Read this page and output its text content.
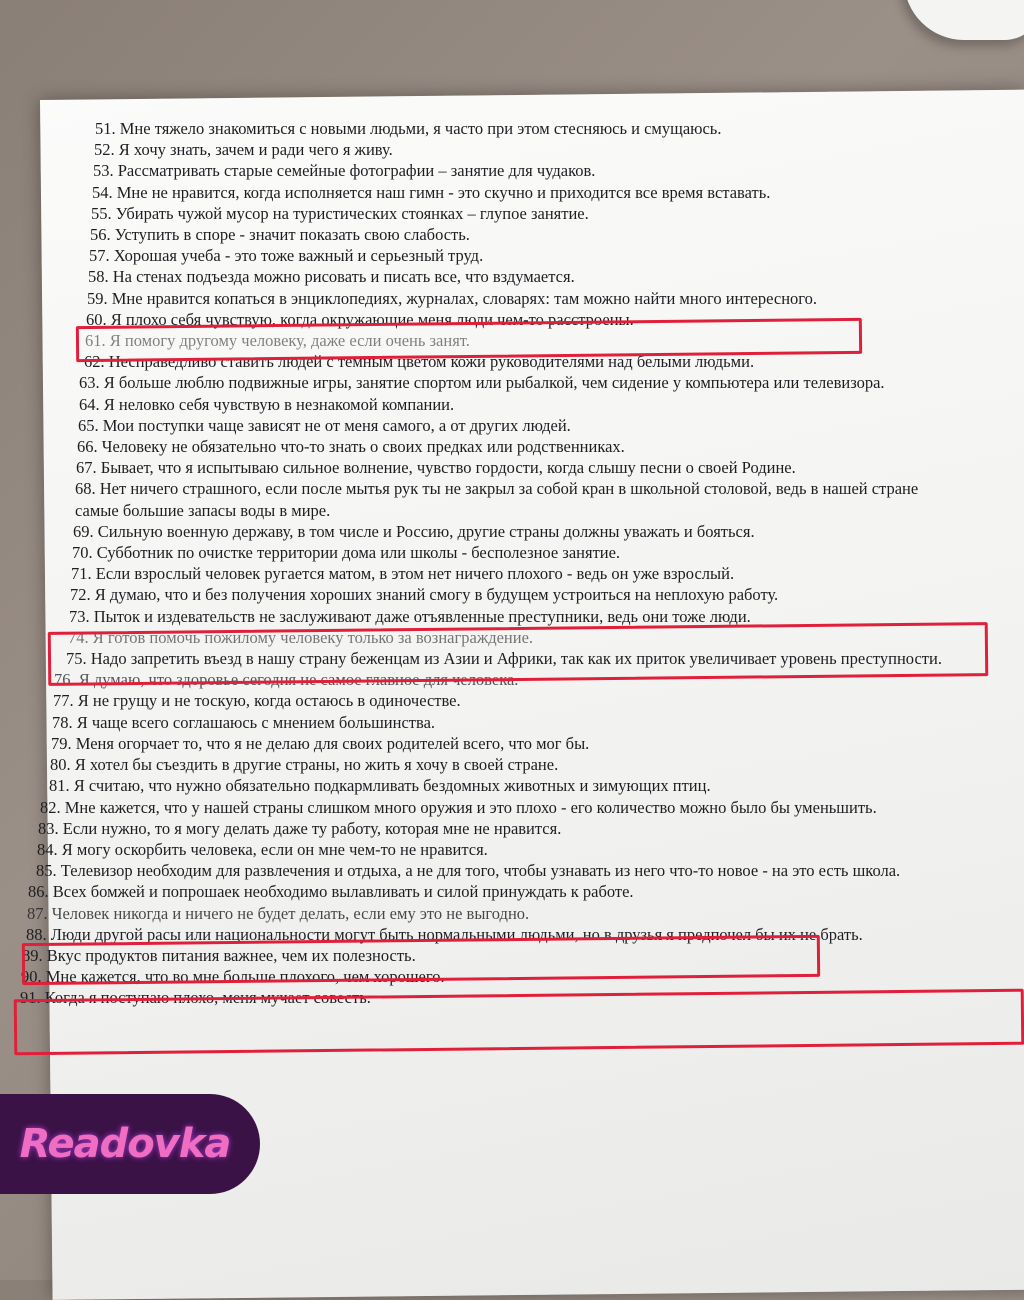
51. Мне тяжело знакомиться с новыми людьми, я часто при этом стесняюсь и смущаюсь.
52. Я хочу знать, зачем и ради чего я живу.
53. Рассматривать старые семейные фотографии – занятие для чудаков.
54. Мне не нравится, когда исполняется наш гимн - это скучно и приходится все время вставать.
55. Убирать чужой мусор на туристических стоянках – глупое занятие.
56. Уступить в споре - значит показать свою слабость.
57. Хорошая учеба - это тоже важный и серьезный труд.
58. На стенах подъезда можно рисовать и писать все, что вздумается.
59. Мне нравится копаться в энциклопедиях, журналах, словарях: там можно найти много интересного.
60. Я плохо себя чувствую, когда окружающие меня люди чем-то расстроены.
61. Я помогу другому человеку, даже если очень занят.
62. Несправедливо ставить людей с темным цветом кожи руководителями над белыми людьми.
63. Я больше люблю подвижные игры, занятие спортом или рыбалкой, чем сидение у компьютера или телевизора.
64. Я неловко себя чувствую в незнакомой компании.
65. Мои поступки чаще зависят не от меня самого, а от других людей.
66. Человеку не обязательно что-то знать о своих предках или родственниках.
67. Бывает, что я испытываю сильное волнение, чувство гордости, когда слышу песни о своей Родине.
68. Нет ничего страшного, если после мытья рук ты не закрыл за собой кран в школьной столовой, ведь в нашей стране самые большие запасы воды в мире.
69. Сильную военную державу, в том числе и Россию, другие страны должны уважать и бояться.
70. Субботник по очистке территории дома или школы - бесполезное занятие.
71. Если взрослый человек ругается матом, в этом нет ничего плохого - ведь он уже взрослый.
72. Я думаю, что и без получения хороших знаний смогу в будущем устроиться на неплохую работу.
73. Пыток и издевательств не заслуживают даже отъявленные преступники, ведь они тоже люди.
74. Я готов помочь пожилому человеку только за вознаграждение.
75. Надо запретить въезд в нашу страну беженцам из Азии и Африки, так как их приток увеличивает уровень преступности.
76. Я думаю, что здоровье сегодня не самое главное для человека.
77. Я не грущу и не тоскую, когда остаюсь в одиночестве.
78. Я чаще всего соглашаюсь с мнением большинства.
79. Меня огорчает то, что я не делаю для своих родителей всего, что мог бы.
80. Я хотел бы съездить в другие страны, но жить я хочу в своей стране.
81. Я считаю, что нужно обязательно подкармливать бездомных животных и зимующих птиц.
82. Мне кажется, что у нашей страны слишком много оружия и это плохо - его количество можно было бы уменьшить.
83. Если нужно, то я могу делать даже ту работу, которая мне не нравится.
84. Я могу оскорбить человека, если он мне чем-то не нравится.
85. Телевизор необходим для развлечения и отдыха, а не для того, чтобы узнавать из него что-то новое - на это есть школа.
86. Всех бомжей и попрошаек необходимо вылавливать и силой принуждать к работе.
87. Человек никогда и ничего не будет делать, если ему это не выгодно.
88. Люди другой расы или национальности могут быть нормальными людьми, но в друзья я предпочел бы их не брать.
89. Вкус продуктов питания важнее, чем их полезность.
90. Мне кажется, что во мне больше плохого, чем хорошего.
91. Когда я поступаю плохо, меня мучает совесть.
Readovka
